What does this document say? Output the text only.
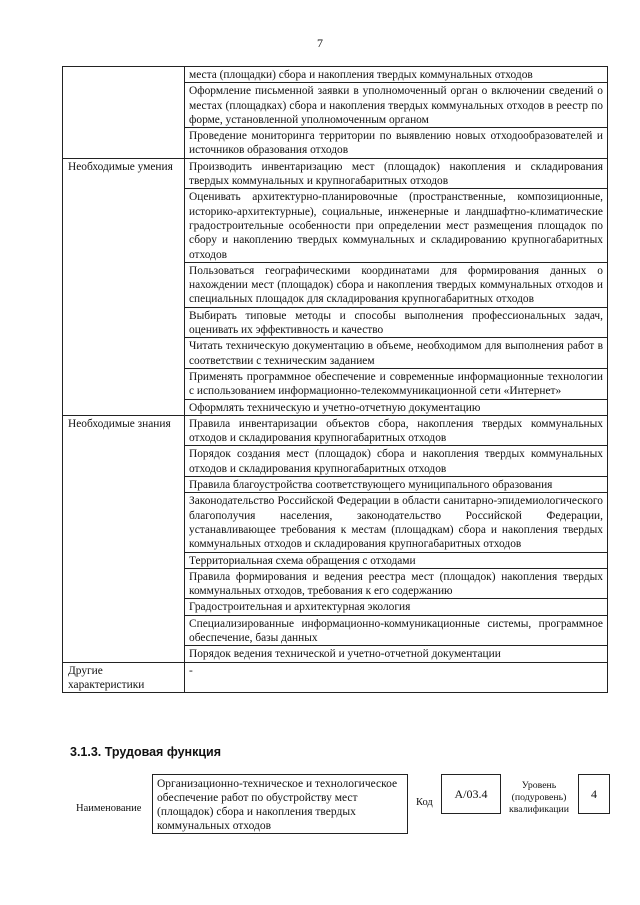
7
	места (площадки) сбора и накопления твердых коммунальных отходов
	Оформление письменной заявки в уполномоченный орган о включении сведений о местах (площадках) сбора и накопления твердых коммунальных отходов в реестр по форме, установленной уполномоченным органом
	Проведение мониторинга территории по выявлению новых отходообразователей и источников образования отходов
Необходимые умения	Производить инвентаризацию мест (площадок) накопления и складирования твердых коммунальных и крупногабаритных отходов
	Оценивать архитектурно-планировочные (пространственные, композиционные, историко-архитектурные), социальные, инженерные и ландшафтно-климатические градостроительные особенности при определении мест размещения площадок по сбору и накоплению твердых коммунальных и складированию крупногабаритных отходов
	Пользоваться географическими координатами для формирования данных о нахождении мест (площадок) сбора и накопления твердых коммунальных отходов и специальных площадок для складирования крупногабаритных отходов
	Выбирать типовые методы и способы выполнения профессиональных задач, оценивать их эффективность и качество
	Читать техническую документацию в объеме, необходимом для выполнения работ в соответствии с техническим заданием
	Применять программное обеспечение и современные информационные технологии с использованием информационно-телекоммуникационной сети «Интернет»
	Оформлять техническую и учетно-отчетную документацию
Необходимые знания	Правила инвентаризации объектов сбора, накопления твердых коммунальных отходов и складирования крупногабаритных отходов
	Порядок создания мест (площадок) сбора и накопления твердых коммунальных отходов и складирования крупногабаритных отходов
	Правила благоустройства соответствующего муниципального образования
	Законодательство Российской Федерации в области санитарно-эпидемиологического благополучия населения, законодательство Российской Федерации, устанавливающее требования к местам (площадкам) сбора и накопления твердых коммунальных отходов и складирования крупногабаритных отходов
	Территориальная схема обращения с отходами
	Правила формирования и ведения реестра мест (площадок) накопления твердых коммунальных отходов, требования к его содержанию
	Градостроительная и архитектурная экология
	Специализированные информационно-коммуникационные системы, программное обеспечение, базы данных
	Порядок ведения технической и учетно-отчетной документации
Другие характеристики	-
3.1.3. Трудовая функция
Наименование
Организационно-техническое и технологическое обеспечение работ по обустройству мест (площадок) сбора и накопления твердых коммунальных отходов
Код
A/03.4
Уровень (подуровень) квалификации
4
